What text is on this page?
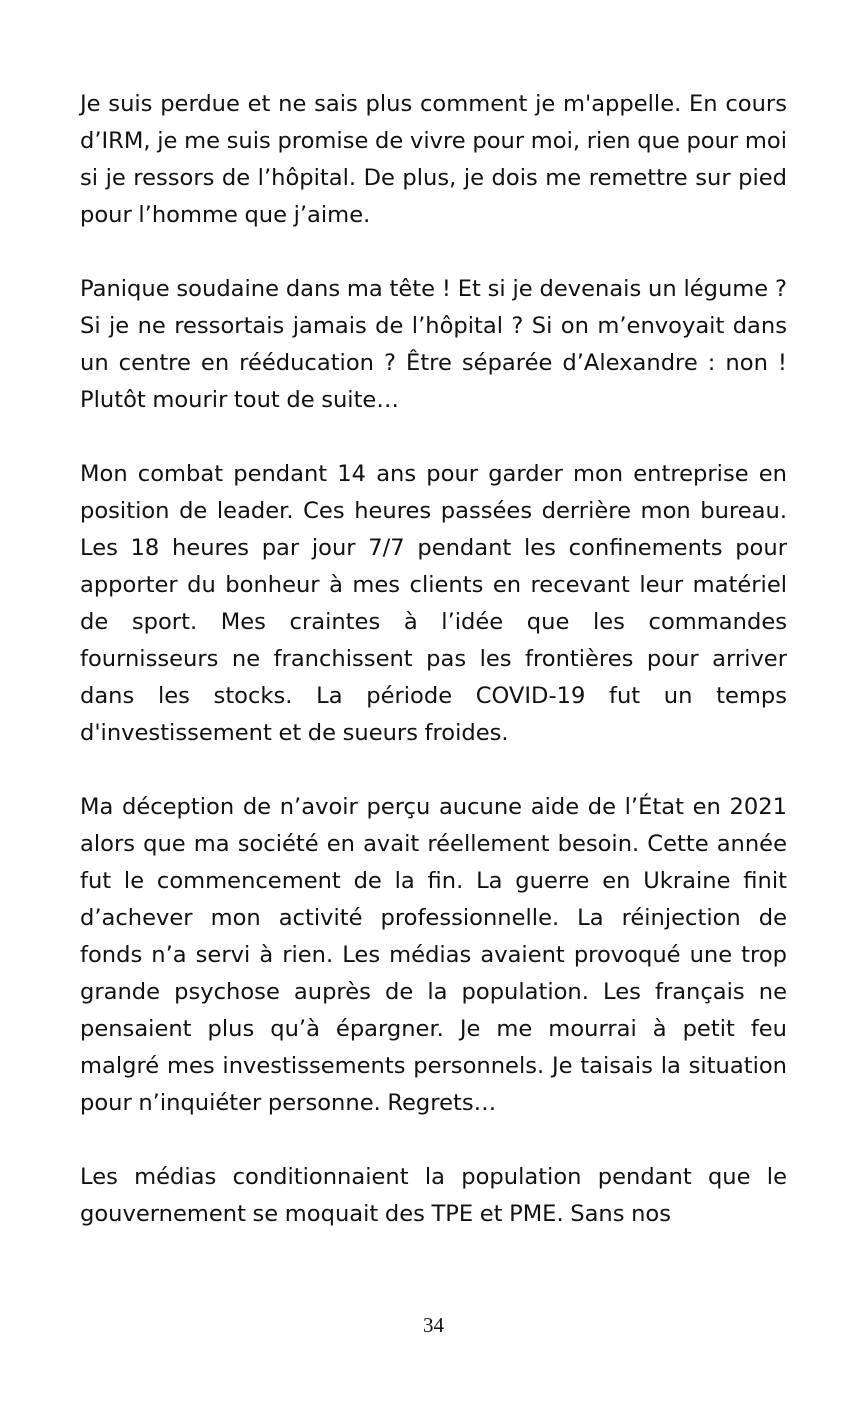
Je suis perdue et ne sais plus comment je m'appelle. En cours d’IRM, je me suis promise de vivre pour moi, rien que pour moi si je ressors de l’hôpital. De plus, je dois me remettre sur pied pour l’homme que j’aime.

Panique soudaine dans ma tête ! Et si je devenais un légume ? Si je ne ressortais jamais de l’hôpital ? Si on m’envoyait dans un centre en rééducation ? Être séparée d’Alexandre : non ! Plutôt mourir tout de suite…

Mon combat pendant 14 ans pour garder mon entreprise en position de leader. Ces heures passées derrière mon bureau. Les 18 heures par jour 7/7 pendant les confinements pour apporter du bonheur à mes clients en recevant leur matériel de sport. Mes craintes à l’idée que les commandes fournisseurs ne franchissent pas les frontières pour arriver dans les stocks. La période COVID-19 fut un temps d'investissement et de sueurs froides.

Ma déception de n’avoir perçu aucune aide de l’État en 2021 alors que ma société en avait réellement besoin. Cette année fut le commencement de la fin. La guerre en Ukraine finit d’achever mon activité professionnelle. La réinjection de fonds n’a servi à rien. Les médias avaient provoqué une trop grande psychose auprès de la population. Les français ne pensaient plus qu’à épargner. Je me mourrai à petit feu malgré mes investissements personnels. Je taisais la situation pour n’inquiéter personne. Regrets…

Les médias conditionnaient la population pendant que le gouvernement se moquait des TPE et PME. Sans nos

34
